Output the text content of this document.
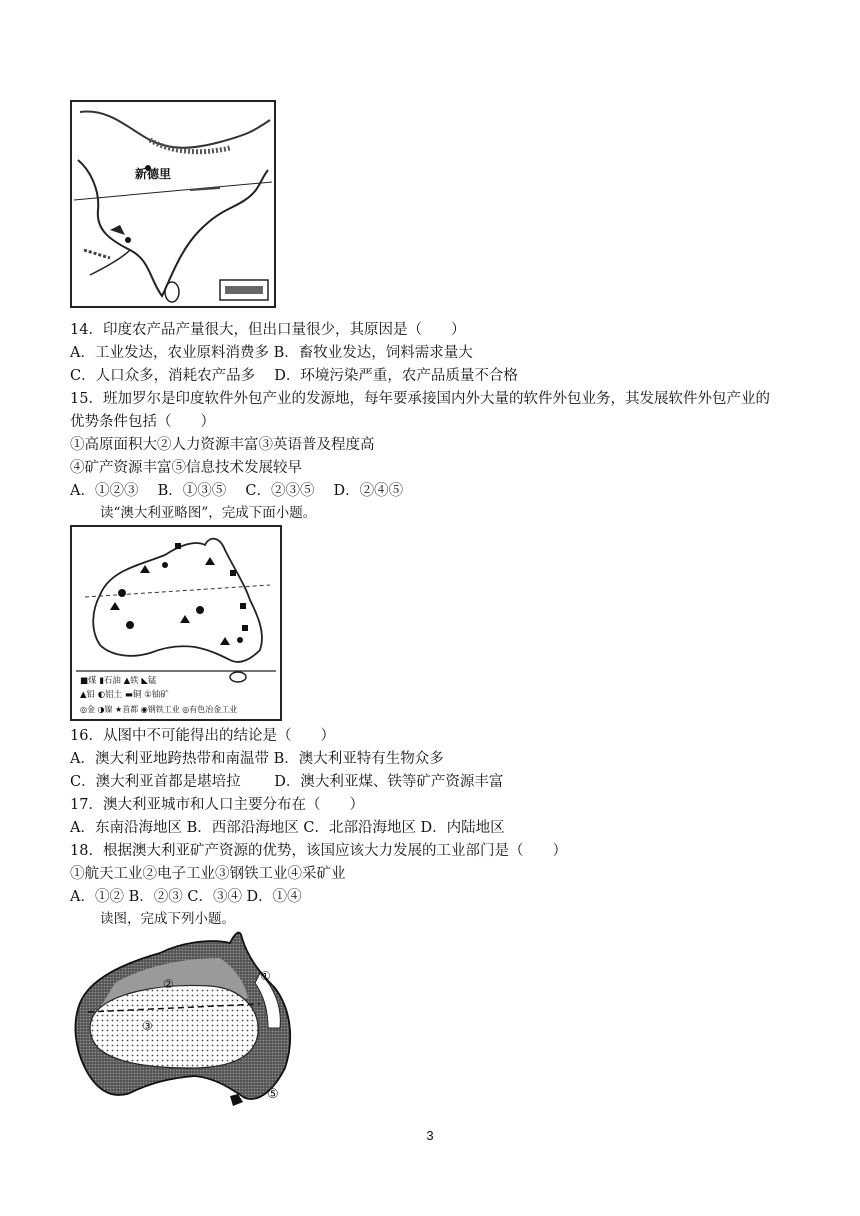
新德里
14．印度农产品产量很大，但出口量很少，其原因是（　　）
A．工业发达，农业原料消费多 B．畜牧业发达，饲料需求量大
C．人口众多，消耗农产品多　 D．环境污染严重，农产品质量不合格
15．班加罗尔是印度软件外包产业的发源地，每年要承接国内外大量的软件外包业务，其发展软件外包产业的
优势条件包括（　　）
①高原面积大②人力资源丰富③英语普及程度高
④矿产资源丰富⑤信息技术发展较早
A．①②③　 B．①③⑤　 C．②③⑤　 D．②④⑤
读“澳大利亚略图”，完成下面小题。
■煤 ▮石油 ▲铁 ◣锰
▲铅 ◐铝土 ▬铜 ①铀矿
◎金 ◑镍 ★首都 ◉钢铁工业 ◎有色冶金工业
16．从图中不可能得出的结论是（　　）
A．澳大利亚地跨热带和南温带 B．澳大利亚特有生物众多
C．澳大利亚首都是堪培拉　　 D．澳大利亚煤、铁等矿产资源丰富
17．澳大利亚城市和人口主要分布在（　　）
A．东南沿海地区 B．西部沿海地区 C．北部沿海地区 D．内陆地区
18．根据澳大利亚矿产资源的优势，该国应该大力发展的工业部门是（　　）
①航天工业②电子工业③钢铁工业④采矿业
A．①② B．②③ C．③④ D．①④
读图，完成下列小题。
②
③
①
⑤
3
